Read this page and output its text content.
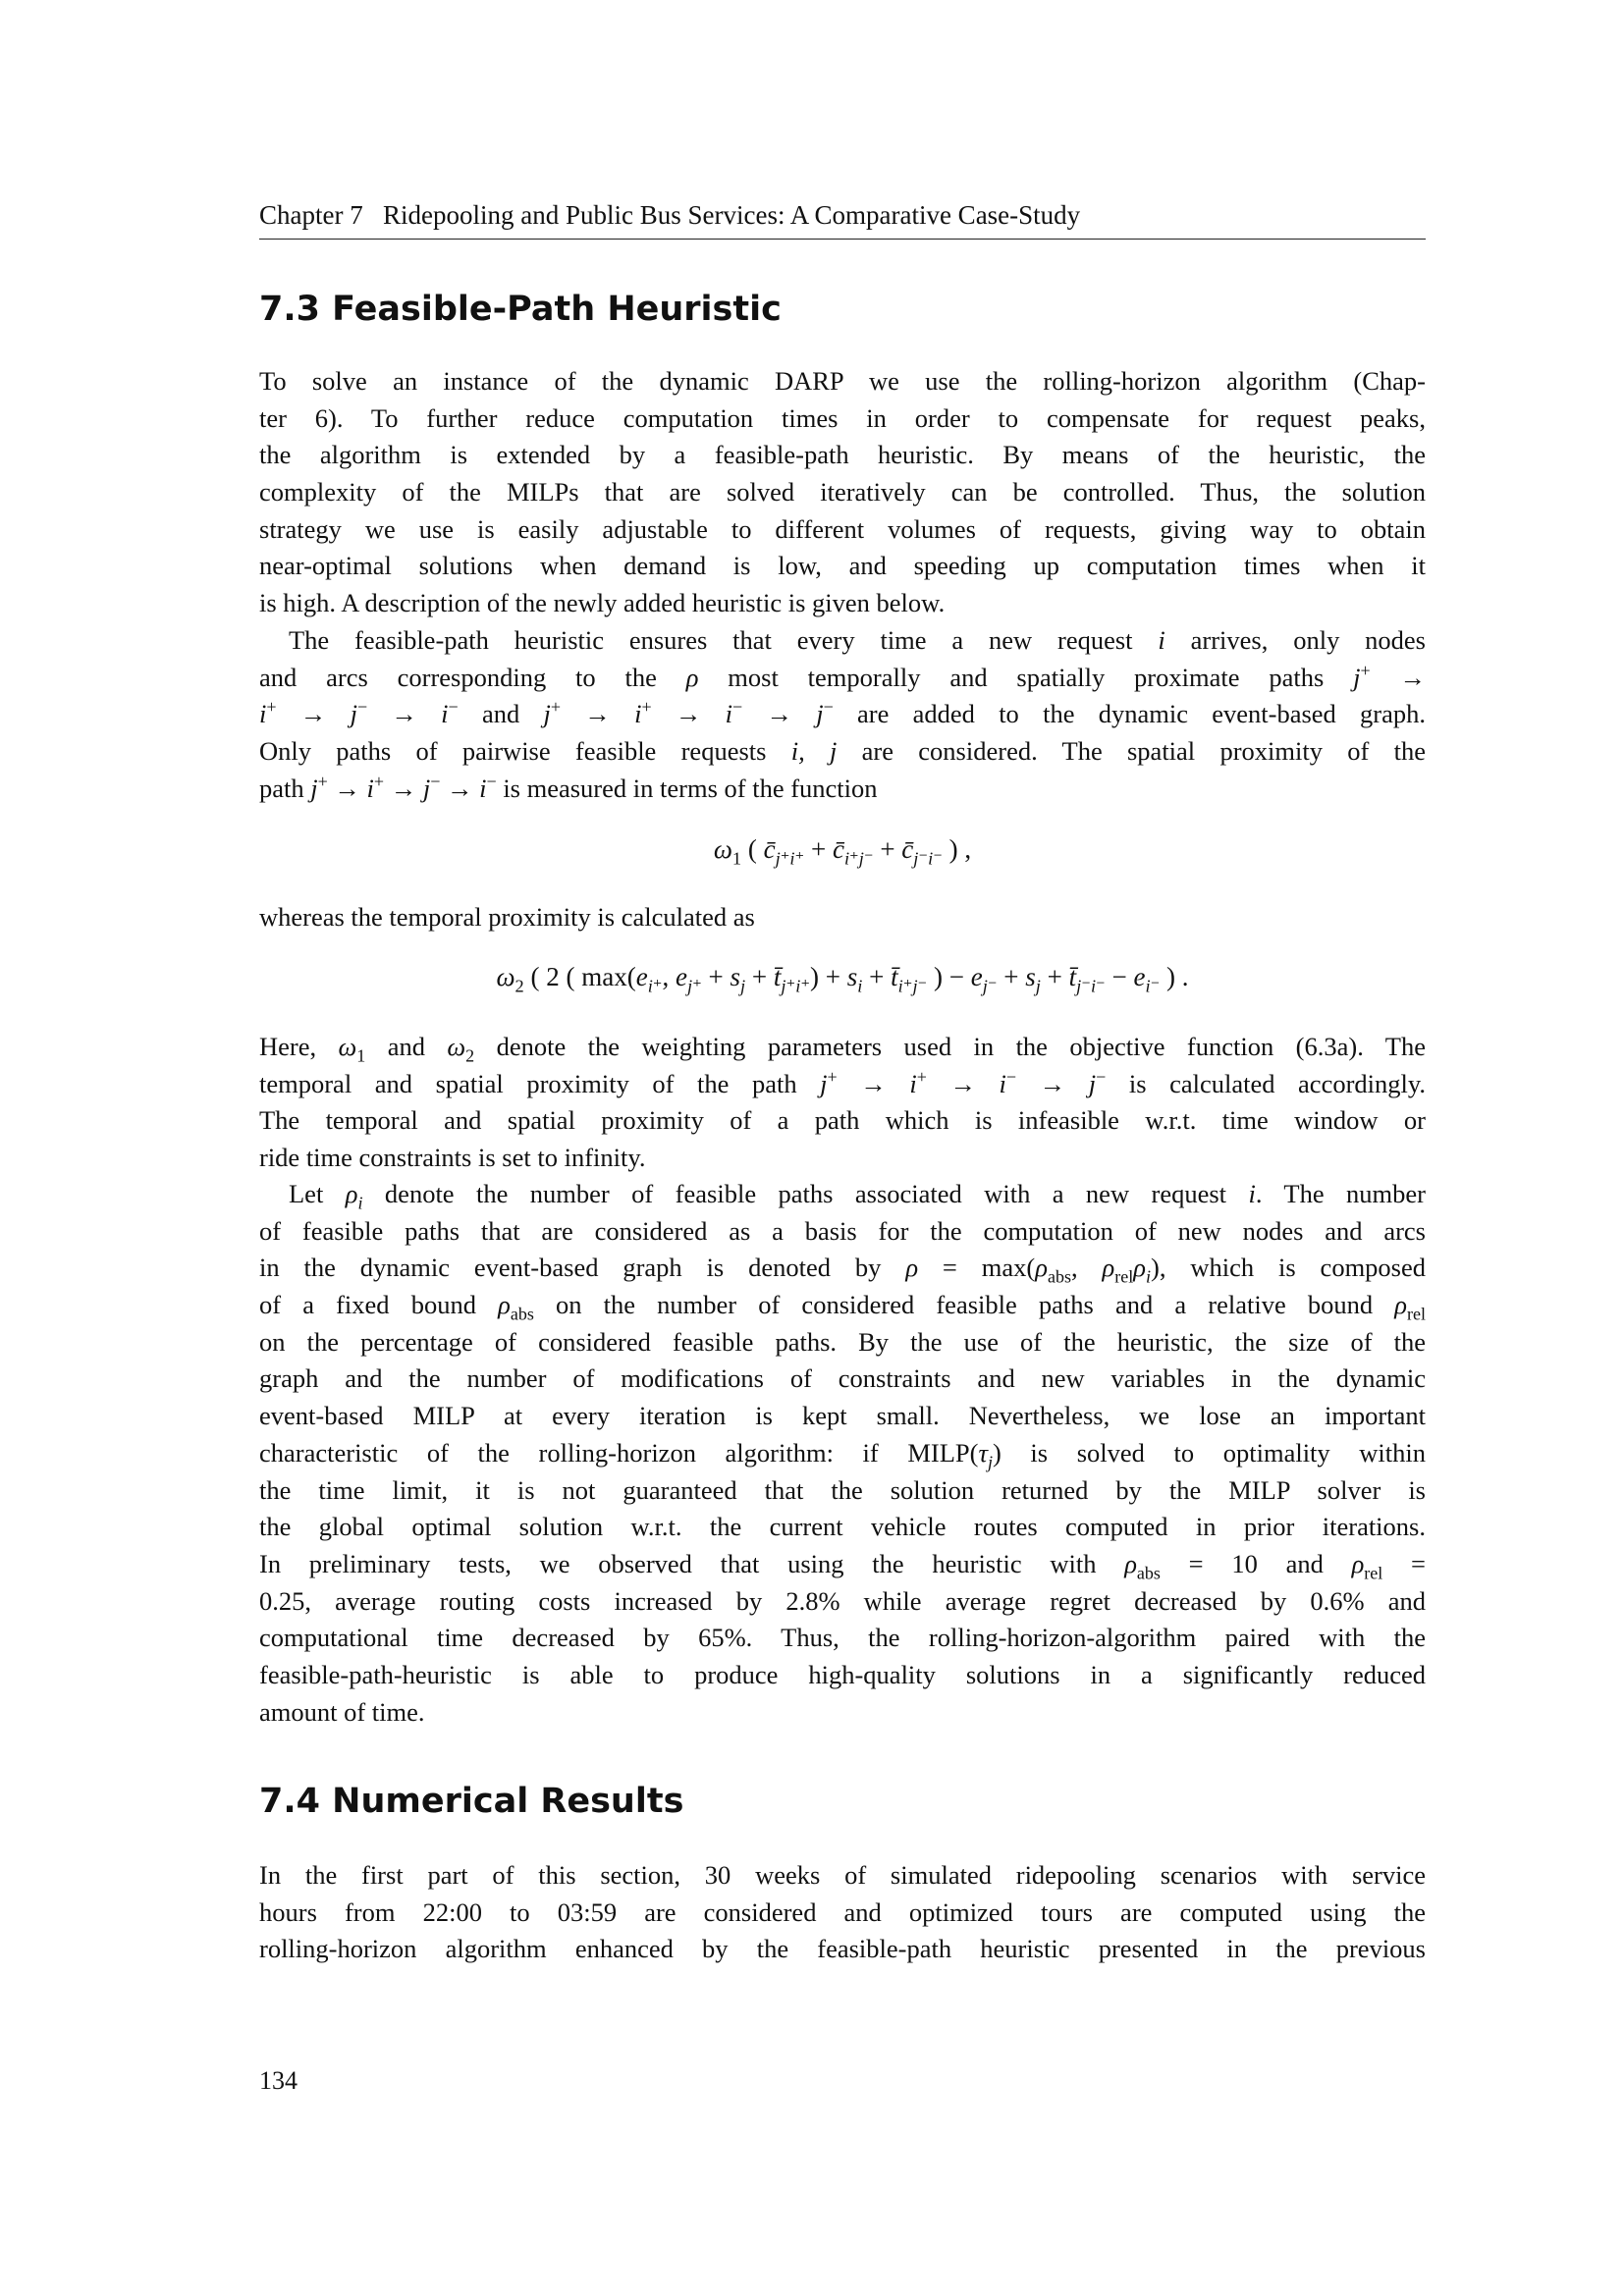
Chapter 7 Ridepooling and Public Bus Services: A Comparative Case-Study
7.3 Feasible-Path Heuristic
To solve an instance of the dynamic DARP we use the rolling-horizon algorithm (Chap-
ter 6). To further reduce computation times in order to compensate for request peaks,
the algorithm is extended by a feasible-path heuristic. By means of the heuristic, the
complexity of the MILPs that are solved iteratively can be controlled. Thus, the solution
strategy we use is easily adjustable to different volumes of requests, giving way to obtain
near-optimal solutions when demand is low, and speeding up computation times when it
is high. A description of the newly added heuristic is given below.
The feasible-path heuristic ensures that every time a new request i arrives, only nodes
and arcs corresponding to the ρ most temporally and spatially proximate paths j+ →
i+ → j− → i− and j+ → i+ → i− → j− are added to the dynamic event-based graph.
Only paths of pairwise feasible requests i, j are considered. The spatial proximity of the
path j+ → i+ → j− → i− is measured in terms of the function
$\omega_1$ ( $c̄_{j^+i^+}$ + $c̄_{i^+j^-}$ + $c̄_{j^-i^-}$ ) ,
whereas the temporal proximity is calculated as
$\omega_2$ ( 2 ( $\max(e_{i^+}$, $e_{j^+} + s_j$ + $t̄_{j^+i^+}) + s_i$ + $t̄_{i^+j^-}$ ) − $e_{j^-} + s_j$ + $t̄_{j^-i^-} - e_{i^-}$ ) .
Here, $\omega_1$ and $\omega_2$ denote the weighting parameters used in the objective function (6.3a). The
temporal and spatial proximity of the path j+ → i+ → i− → j− is calculated accordingly.
The temporal and spatial proximity of a path which is infeasible w.r.t. time window or
ride time constraints is set to infinity.
Let $\rho_i$ denote the number of feasible paths associated with a new request i. The number
of feasible paths that are considered as a basis for the computation of new nodes and arcs
in the dynamic event-based graph is denoted by $\rho = \max(\rho_{abs}$, $\rho_{rel}\rho_i$), which is composed
of a fixed bound $\rho_{abs}$ on the number of considered feasible paths and a relative bound $\rho_{rel}$
on the percentage of considered feasible paths. By the use of the heuristic, the size of the
graph and the number of modifications of constraints and new variables in the dynamic
event-based MILP at every iteration is kept small. Nevertheless, we lose an important
characteristic of the rolling-horizon algorithm: if $MILP(\tau_j)$ is solved to optimality within
the time limit, it is not guaranteed that the solution returned by the MILP solver is
the global optimal solution w.r.t. the current vehicle routes computed in prior iterations.
In preliminary tests, we observed that using the heuristic with $\rho_{abs} = 10$ and $\rho_{rel}$ =
0.25, average routing costs increased by 2.8% while average regret decreased by 0.6% and
computational time decreased by 65%. Thus, the rolling-horizon-algorithm paired with the
feasible-path-heuristic is able to produce high-quality solutions in a significantly reduced
amount of time.
7.4 Numerical Results
In the first part of this section, 30 weeks of simulated ridepooling scenarios with service
hours from 22:00 to 03:59 are considered and optimized tours are computed using the
rolling-horizon algorithm enhanced by the feasible-path heuristic presented in the previous
134
